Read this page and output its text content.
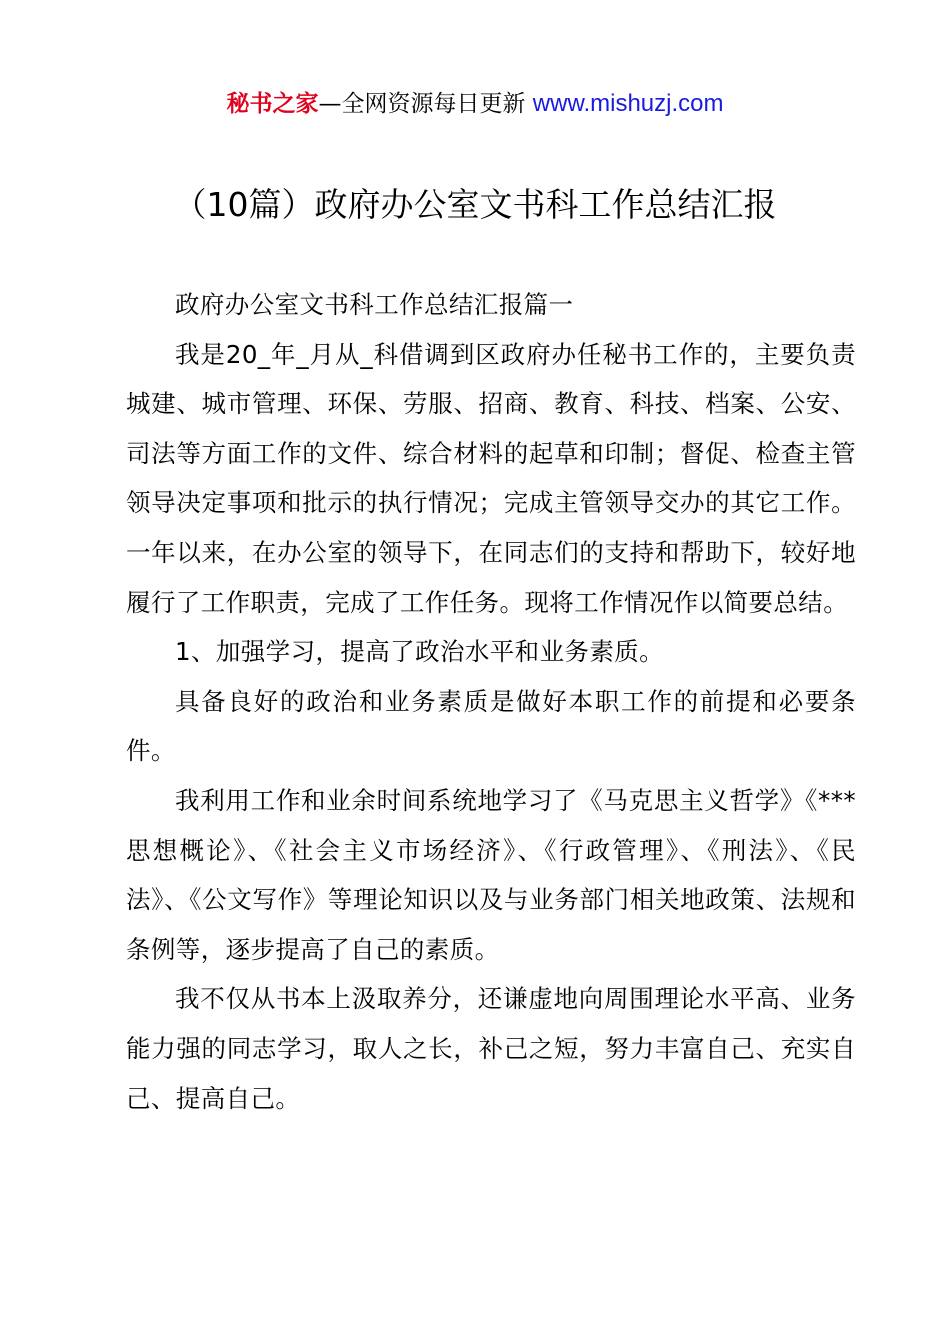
秘书之家—全网资源每日更新 www.mishuzj.com
（10篇）政府办公室文书科工作总结汇报

政府办公室文书科工作总结汇报篇一

我是20_年_月从_科借调到区政府办任秘书工作的，主要负责城建、城市管理、环保、劳服、招商、教育、科技、档案、公安、司法等方面工作的文件、综合材料的起草和印制；督促、检查主管领导决定事项和批示的执行情况；完成主管领导交办的其它工作。一年以来，在办公室的领导下，在同志们的支持和帮助下，较好地履行了工作职责，完成了工作任务。现将工作情况作以简要总结。

1、加强学习，提高了政治水平和业务素质。

具备良好的政治和业务素质是做好本职工作的前提和必要条件。

我利用工作和业余时间系统地学习了《马克思主义哲学》《***思想概论》、《社会主义市场经济》、《行政管理》、《刑法》、《民法》、《公文写作》等理论知识以及与业务部门相关地政策、法规和条例等，逐步提高了自己的素质。

我不仅从书本上汲取养分，还谦虚地向周围理论水平高、业务能力强的同志学习，取人之长，补己之短，努力丰富自己、充实自己、提高自己。
